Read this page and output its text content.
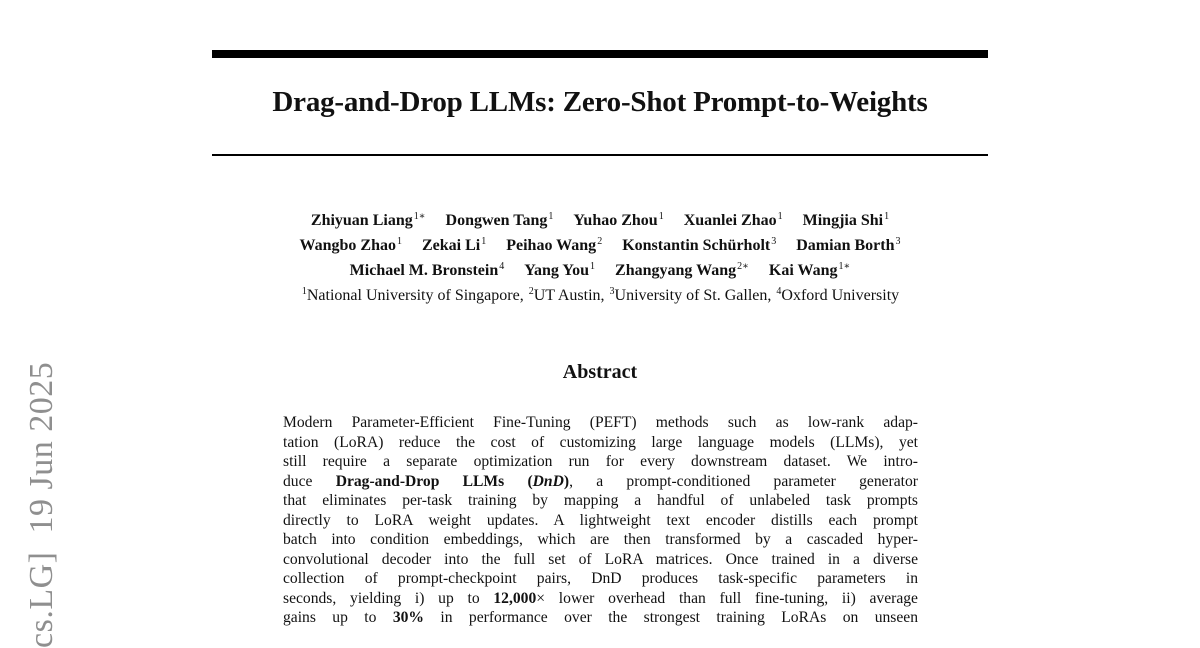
Drag-and-Drop LLMs: Zero-Shot Prompt-to-Weights
Zhiyuan Liang$^{1∗}$ Dongwen Tang$^1$ Yuhao Zhou$^1$ Xuanlei Zhao$^1$ Mingjia Shi$^1$
Wangbo Zhao$^1$ Zekai Li$^1$ Peihao Wang$^2$ Konstantin Schürholt$^3$ Damian Borth$^3$
Michael M. Bronstein$^4$ Yang You$^1$ Zhangyang Wang$^{2∗}$ Kai Wang$^{1∗}$
$^1$National University of Singapore, $^2$UT Austin, $^3$University of St. Gallen, $^4$Oxford University
Abstract
Modern Parameter-Efficient Fine-Tuning (PEFT) methods such as low-rank adap-
tation (LoRA) reduce the cost of customizing large language models (LLMs), yet
still require a separate optimization run for every downstream dataset. We intro-
duce Drag-and-Drop LLMs (DnD), a prompt-conditioned parameter generator
that eliminates per-task training by mapping a handful of unlabeled task prompts
directly to LoRA weight updates. A lightweight text encoder distills each prompt
batch into condition embeddings, which are then transformed by a cascaded hyper-
convolutional decoder into the full set of LoRA matrices. Once trained in a diverse
collection of prompt-checkpoint pairs, DnD produces task-specific parameters in
seconds, yielding i) up to 12,000× lower overhead than full fine-tuning, ii) average
gains up to 30% in performance over the strongest training LoRAs on unseen
cs.LG]19 Jun 2025
